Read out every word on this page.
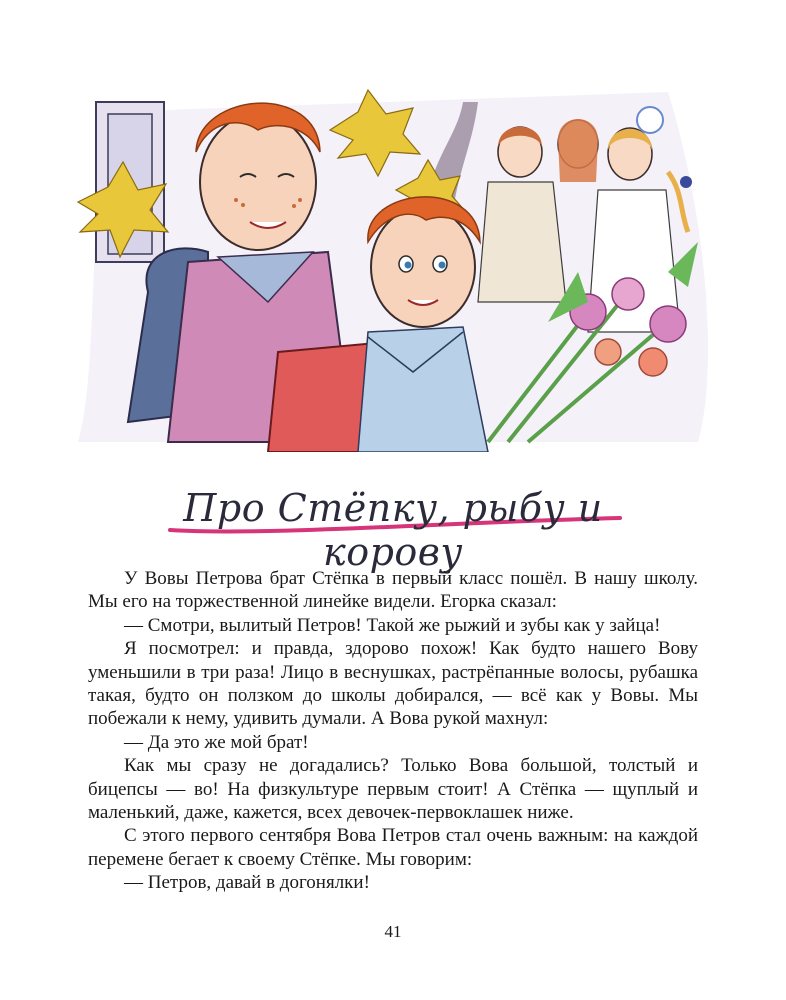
Про Стёпку, рыбу и корову

У Вовы Петрова брат Стёпка в первый класс пошёл. В нашу школу. Мы его на торжественной линейке видели. Егорка сказал:

— Смотри, вылитый Петров! Такой же рыжий и зубы как у зайца!

Я посмотрел: и правда, здорово похож! Как будто нашего Вову уменьшили в три раза! Лицо в веснушках, растрёпанные волосы, рубашка такая, будто он ползком до школы добирался, — всё как у Вовы. Мы побежали к нему, удивить думали. А Вова рукой махнул:

— Да это же мой брат!

Как мы сразу не догадались? Только Вова большой, толстый и бицепсы — во! На физкультуре первым стоит! А Стёпка — щуплый и маленький, даже, кажется, всех девочек-первоклашек ниже.

С этого первого сентября Вова Петров стал очень важным: на каждой перемене бегает к своему Стёпке. Мы говорим:

— Петров, давай в догонялки!

41
